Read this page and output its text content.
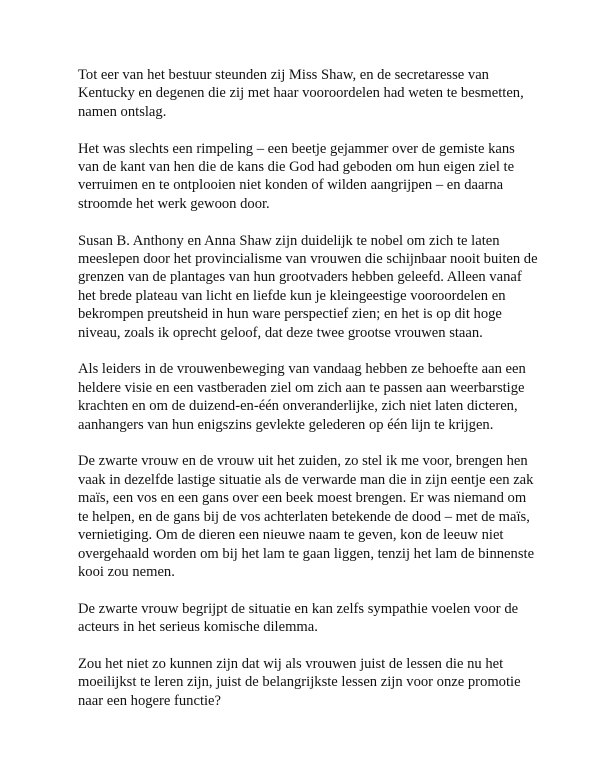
Tot eer van het bestuur steunden zij Miss Shaw, en de secretaresse van Kentucky en degenen die zij met haar vooroordelen had weten te besmetten, namen ontslag.

Het was slechts een rimpeling – een beetje gejammer over de gemiste kans van de kant van hen die de kans die God had geboden om hun eigen ziel te verruimen en te ontplooien niet konden of wilden aangrijpen – en daarna stroomde het werk gewoon door.

Susan B. Anthony en Anna Shaw zijn duidelijk te nobel om zich te laten meeslepen door het provincialisme van vrouwen die schijnbaar nooit buiten de grenzen van de plantages van hun grootvaders hebben geleefd. Alleen vanaf het brede plateau van licht en liefde kun je kleingeestige vooroordelen en bekrompen preutsheid in hun ware perspectief zien; en het is op dit hoge niveau, zoals ik oprecht geloof, dat deze twee grootse vrouwen staan.

Als leiders in de vrouwenbeweging van vandaag hebben ze behoefte aan een heldere visie en een vastberaden ziel om zich aan te passen aan weerbarstige krachten en om de duizend-en-één onveranderlijke, zich niet laten dicteren, aanhangers van hun enigszins gevlekte gelederen op één lijn te krijgen.

De zwarte vrouw en de vrouw uit het zuiden, zo stel ik me voor, brengen hen vaak in dezelfde lastige situatie als de verwarde man die in zijn eentje een zak maïs, een vos en een gans over een beek moest brengen. Er was niemand om te helpen, en de gans bij de vos achterlaten betekende de dood – met de maïs, vernietiging. Om de dieren een nieuwe naam te geven, kon de leeuw niet overgehaald worden om bij het lam te gaan liggen, tenzij het lam de binnenste kooi zou nemen.

De zwarte vrouw begrijpt de situatie en kan zelfs sympathie voelen voor de acteurs in het serieus komische dilemma.

Zou het niet zo kunnen zijn dat wij als vrouwen juist de lessen die nu het moeilijkst te leren zijn, juist de belangrijkste lessen zijn voor onze promotie naar een hogere functie?
